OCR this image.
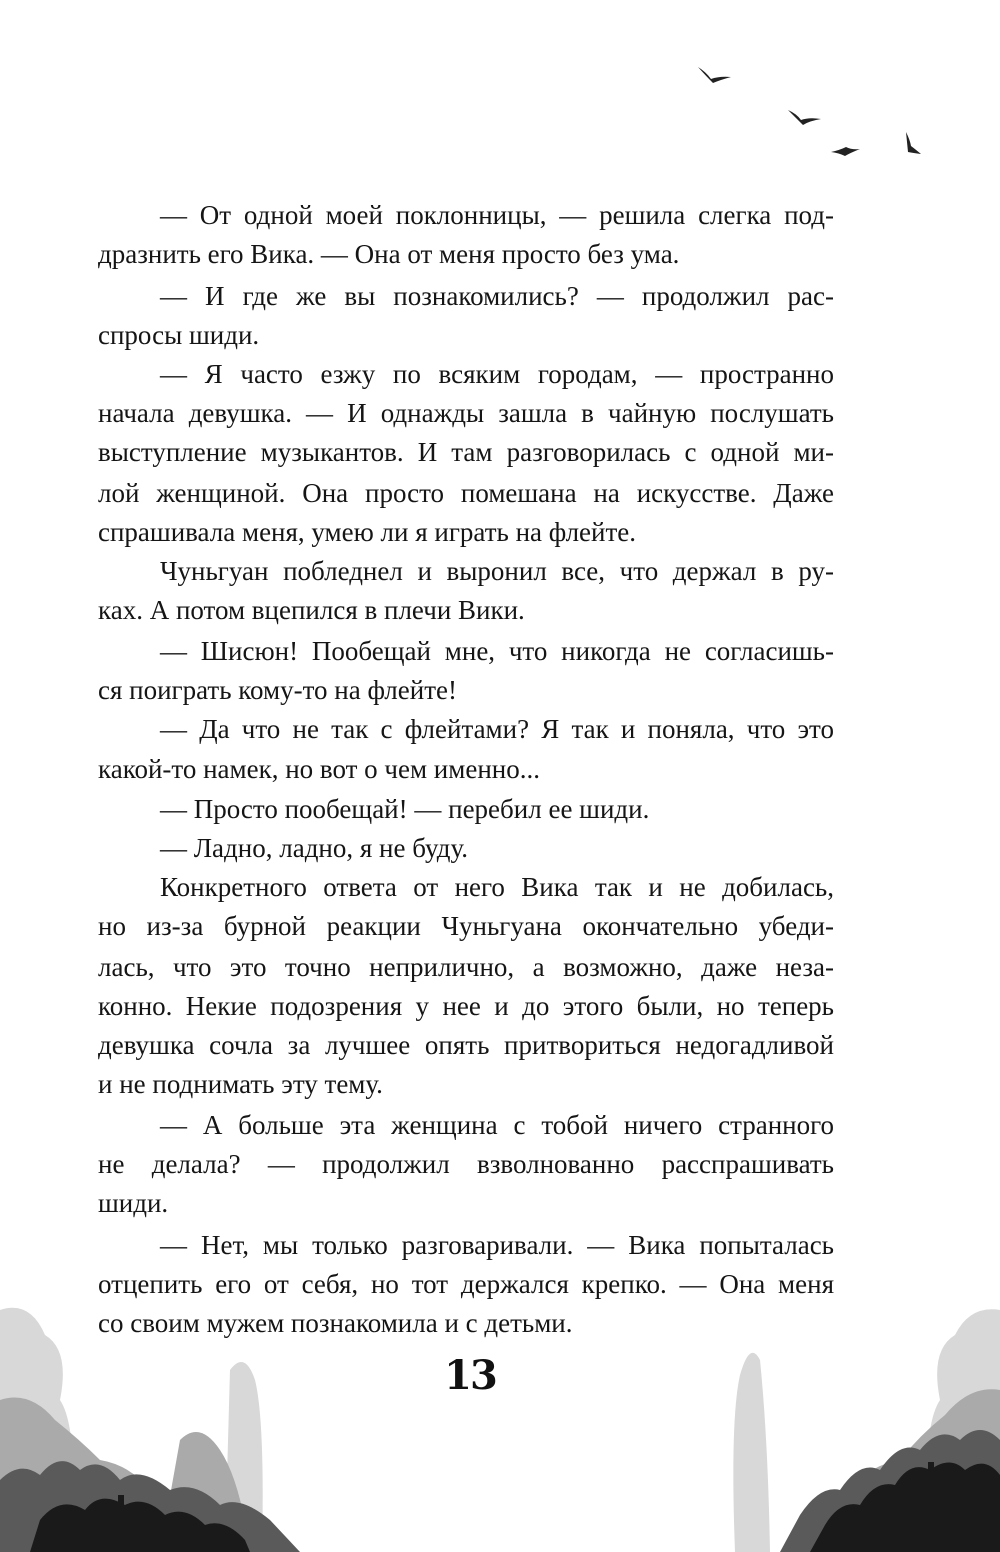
— От одной моей поклонницы, — решила слегка под-
дразнить его Вика. — Она от меня просто без ума.
— И где же вы познакомились? — продолжил рас-
спросы шиди.
— Я часто езжу по всяким городам, — пространно
начала девушка. — И однажды зашла в чайную послушать
выступление музыкантов. И там разговорилась с одной ми-
лой женщиной. Она просто помешана на искусстве. Даже
спрашивала меня, умею ли я играть на флейте.
Чуньгуан побледнел и выронил все, что держал в ру-
ках. А потом вцепился в плечи Вики.
— Шисюн! Пообещай мне, что никогда не согласишь-
ся поиграть кому-то на флейте!
— Да что не так с флейтами? Я так и поняла, что это
какой-то намек, но вот о чем именно...
— Просто пообещай! — перебил ее шиди.
— Ладно, ладно, я не буду.
Конкретного ответа от него Вика так и не добилась,
но из-за бурной реакции Чуньгуана окончательно убеди-
лась, что это точно неприлично, а возможно, даже неза-
конно. Некие подозрения у нее и до этого были, но теперь
девушка сочла за лучшее опять притвориться недогадливой
и не поднимать эту тему.
— А больше эта женщина с тобой ничего странного
не делала? — продолжил взволнованно расспрашивать
шиди.
— Нет, мы только разговаривали. — Вика попыталась
отцепить его от себя, но тот держался крепко. — Она меня
со своим мужем познакомила и с детьми.
13
